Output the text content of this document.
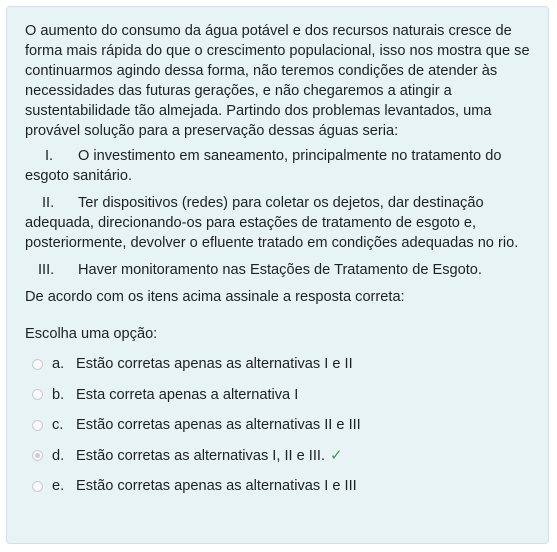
O aumento do consumo da água potável e dos recursos naturais cresce de forma mais rápida do que o crescimento populacional, isso nos mostra que se continuarmos agindo dessa forma, não teremos condições de atender às necessidades das futuras gerações, e não chegaremos a atingir a sustentabilidade tão almejada. Partindo dos problemas levantados, uma provável solução para a preservação dessas águas seria:

I. O investimento em saneamento, principalmente no tratamento do esgoto sanitário.

II. Ter dispositivos (redes) para coletar os dejetos, dar destinação adequada, direcionando-os para estações de tratamento de esgoto e, posteriormente, devolver o efluente tratado em condições adequadas no rio.

III. Haver monitoramento nas Estações de Tratamento de Esgoto.

De acordo com os itens acima assinale a resposta correta:

Escolha uma opção:

a. Estão corretas apenas as alternativas I e II
b. Esta correta apenas a alternativa I
c. Estão corretas apenas as alternativas II e III
d. Estão corretas as alternativas I, II e III. ✓
e. Estão corretas apenas as alternativas I e III
